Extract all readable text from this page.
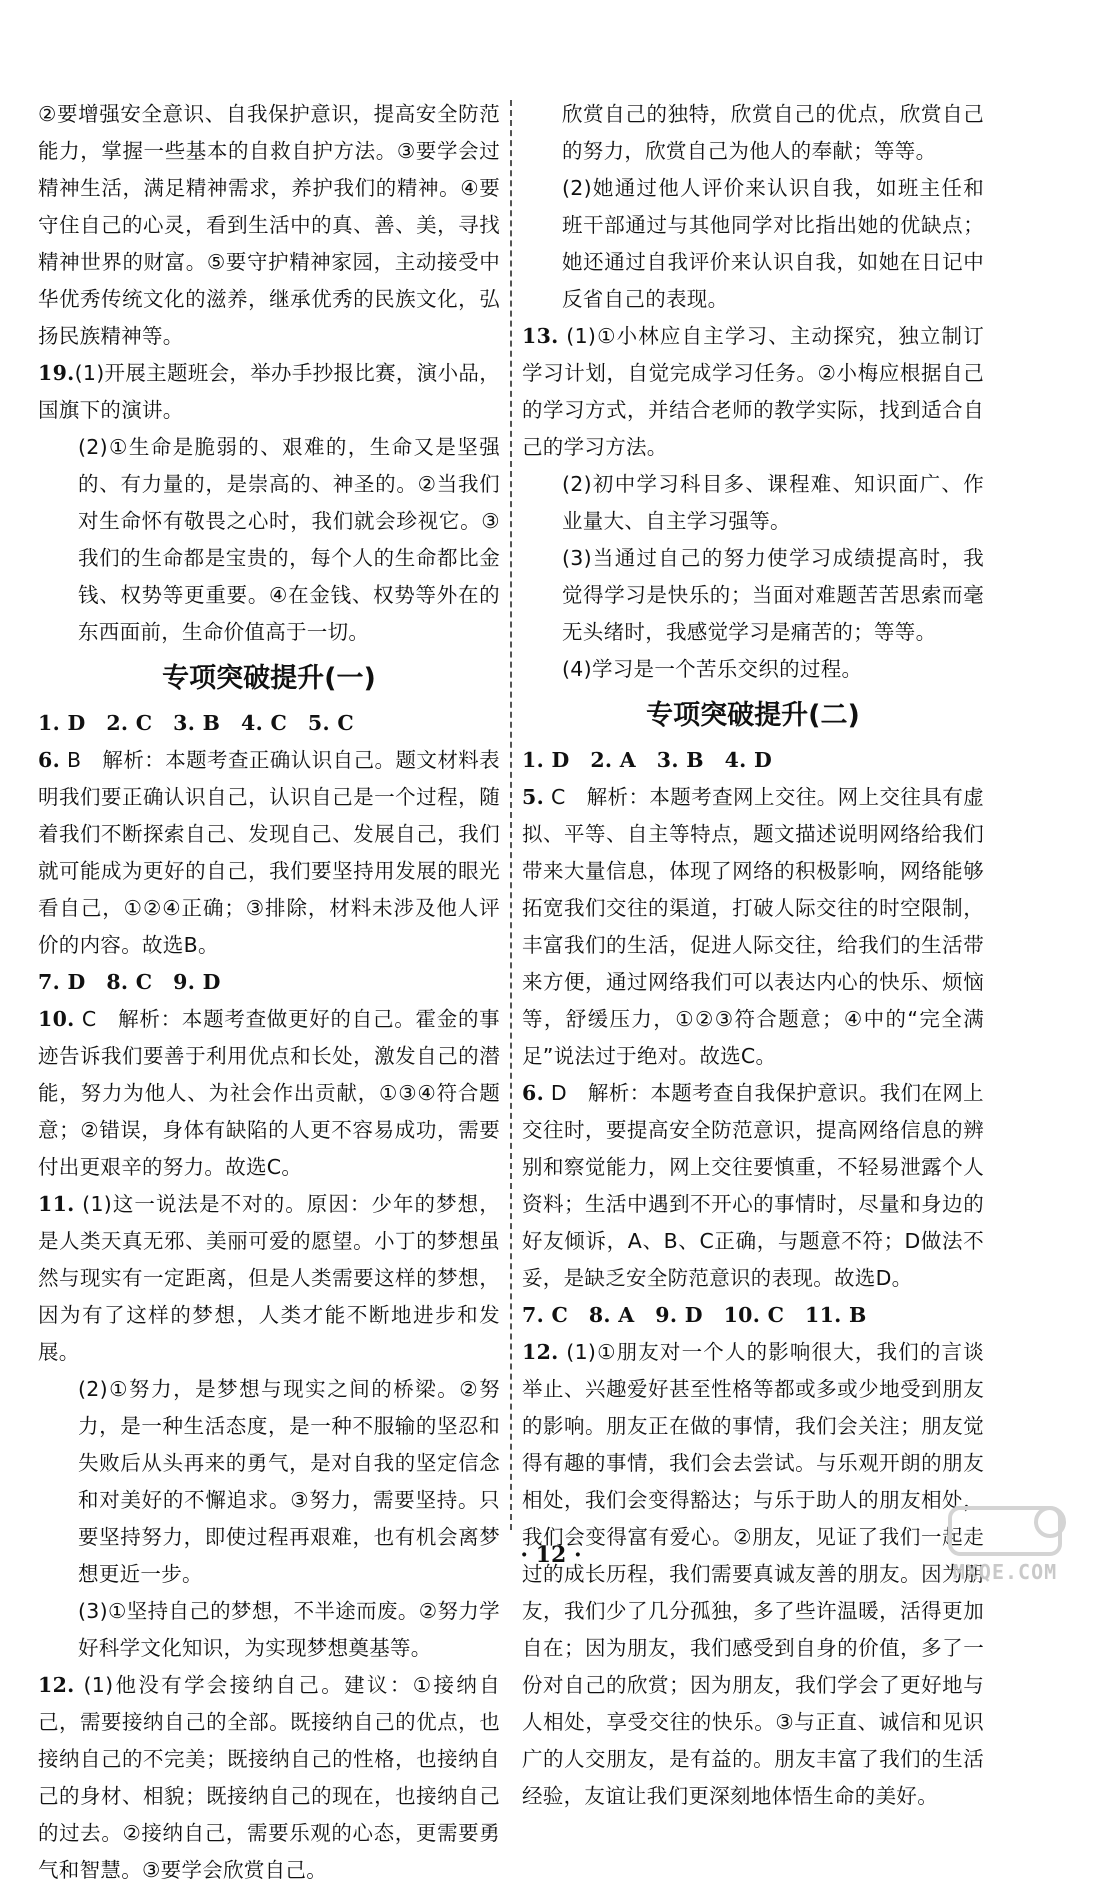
②要增强安全意识、自我保护意识，提高安全防范能力，掌握一些基本的自救自护方法。③要学会过精神生活，满足精神需求，养护我们的精神。④要守住自己的心灵，看到生活中的真、善、美，寻找精神世界的财富。⑤要守护精神家园，主动接受中华优秀传统文化的滋养，继承优秀的民族文化，弘扬民族精神等。

19.(1)开展主题班会，举办手抄报比赛，演小品，国旗下的演讲。

(2)①生命是脆弱的、艰难的，生命又是坚强的、有力量的，是崇高的、神圣的。②当我们对生命怀有敬畏之心时，我们就会珍视它。③我们的生命都是宝贵的，每个人的生命都比金钱、权势等更重要。④在金钱、权势等外在的东西面前，生命价值高于一切。

专项突破提升(一)

1. D　2. C　3. B　4. C　5. C

6. B　解析：本题考查正确认识自己。题文材料表明我们要正确认识自己，认识自己是一个过程，随着我们不断探索自己、发现自己、发展自己，我们就可能成为更好的自己，我们要坚持用发展的眼光看自己，①②④正确；③排除，材料未涉及他人评价的内容。故选B。

7. D　8. C　9. D

10. C　解析：本题考查做更好的自己。霍金的事迹告诉我们要善于利用优点和长处，激发自己的潜能，努力为他人、为社会作出贡献，①③④符合题意；②错误，身体有缺陷的人更不容易成功，需要付出更艰辛的努力。故选C。

11. (1)这一说法是不对的。原因：少年的梦想，是人类天真无邪、美丽可爱的愿望。小丁的梦想虽然与现实有一定距离，但是人类需要这样的梦想，因为有了这样的梦想，人类才能不断地进步和发展。

(2)①努力，是梦想与现实之间的桥梁。②努力，是一种生活态度，是一种不服输的坚忍和失败后从头再来的勇气，是对自我的坚定信念和对美好的不懈追求。③努力，需要坚持。只要坚持努力，即使过程再艰难，也有机会离梦想更近一步。

(3)①坚持自己的梦想，不半途而废。②努力学好科学文化知识，为实现梦想奠基等。

12. (1)他没有学会接纳自己。建议：①接纳自己，需要接纳自己的全部。既接纳自己的优点，也接纳自己的不完美；既接纳自己的性格，也接纳自己的身材、相貌；既接纳自己的现在，也接纳自己的过去。②接纳自己，需要乐观的心态，更需要勇气和智慧。③要学会欣赏自己。

欣赏自己的独特，欣赏自己的优点，欣赏自己的努力，欣赏自己为他人的奉献；等等。

(2)她通过他人评价来认识自我，如班主任和班干部通过与其他同学对比指出她的优缺点；她还通过自我评价来认识自我，如她在日记中反省自己的表现。

13. (1)①小林应自主学习、主动探究，独立制订学习计划，自觉完成学习任务。②小梅应根据自己的学习方式，并结合老师的教学实际，找到适合自己的学习方法。

(2)初中学习科目多、课程难、知识面广、作业量大、自主学习强等。

(3)当通过自己的努力使学习成绩提高时，我觉得学习是快乐的；当面对难题苦苦思索而毫无头绪时，我感觉学习是痛苦的；等等。

(4)学习是一个苦乐交织的过程。

专项突破提升(二)

1. D　2. A　3. B　4. D

5. C　解析：本题考查网上交往。网上交往具有虚拟、平等、自主等特点，题文描述说明网络给我们带来大量信息，体现了网络的积极影响，网络能够拓宽我们交往的渠道，打破人际交往的时空限制，丰富我们的生活，促进人际交往，给我们的生活带来方便，通过网络我们可以表达内心的快乐、烦恼等，舒缓压力，①②③符合题意；④中的“完全满足”说法过于绝对。故选C。

6. D　解析：本题考查自我保护意识。我们在网上交往时，要提高安全防范意识，提高网络信息的辨别和察觉能力，网上交往要慎重，不轻易泄露个人资料；生活中遇到不开心的事情时，尽量和身边的好友倾诉，A、B、C正确，与题意不符；D做法不妥，是缺乏安全防范意识的表现。故选D。

7. C　8. A　9. D　10. C　11. B

12. (1)①朋友对一个人的影响很大，我们的言谈举止、兴趣爱好甚至性格等都或多或少地受到朋友的影响。朋友正在做的事情，我们会关注；朋友觉得有趣的事情，我们会去尝试。与乐观开朗的朋友相处，我们会变得豁达；与乐于助人的朋友相处，我们会变得富有爱心。②朋友，见证了我们一起走过的成长历程，我们需要真诚友善的朋友。因为朋友，我们少了几分孤独，多了些许温暖，活得更加自在；因为朋友，我们感受到自身的价值，多了一份对自己的欣赏；因为朋友，我们学会了更好地与人相处，享受交往的快乐。③与正直、诚信和见识广的人交朋友，是有益的。朋友丰富了我们的生活经验，友谊让我们更深刻地体悟生命的美好。

· 12 ·
MXQE.COM
